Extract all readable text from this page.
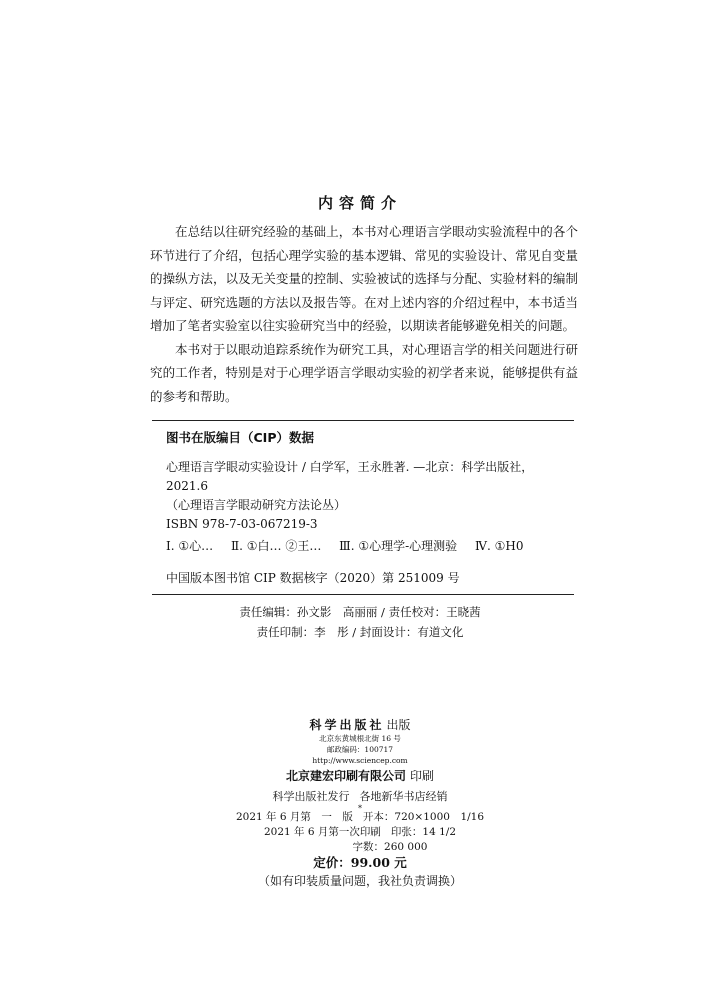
内容简介

在总结以往研究经验的基础上，本书对心理语言学眼动实验流程中的各个环节进行了介绍，包括心理学实验的基本逻辑、常见的实验设计、常见自变量的操纵方法，以及无关变量的控制、实验被试的选择与分配、实验材料的编制与评定、研究选题的方法以及报告等。在对上述内容的介绍过程中，本书适当增加了笔者实验室以往实验研究当中的经验，以期读者能够避免相关的问题。

本书对于以眼动追踪系统作为研究工具，对心理语言学的相关问题进行研究的工作者，特别是对于心理学语言学眼动实验的初学者来说，能够提供有益的参考和帮助。

图书在版编目（CIP）数据
心理语言学眼动实验设计 / 白学军，王永胜著. —北京：科学出版社，
2021.6
（心理语言学眼动研究方法论丛）
ISBN 978-7-03-067219-3
Ⅰ. ①心… Ⅱ. ①白… ②王… Ⅲ. ①心理学-心理测验 Ⅳ. ①H0
中国版本图书馆 CIP 数据核字（2020）第 251009 号
责任编辑：孙文影　高丽丽 / 责任校对：王晓茜
责任印制：李　彤 / 封面设计：有道文化
科学出版社 出版
北京东黄城根北街 16 号
邮政编码：100717
http://www.sciencep.com
北京建宏印刷有限公司 印刷
科学出版社发行 各地新华书店经销
*
2021 年 6 月第　一　版 开本：720×1000　1/16
2021 年 6 月第一次印刷 印张：14 1/2
字数：260 000
定价：99.00 元
（如有印装质量问题，我社负责调换）
